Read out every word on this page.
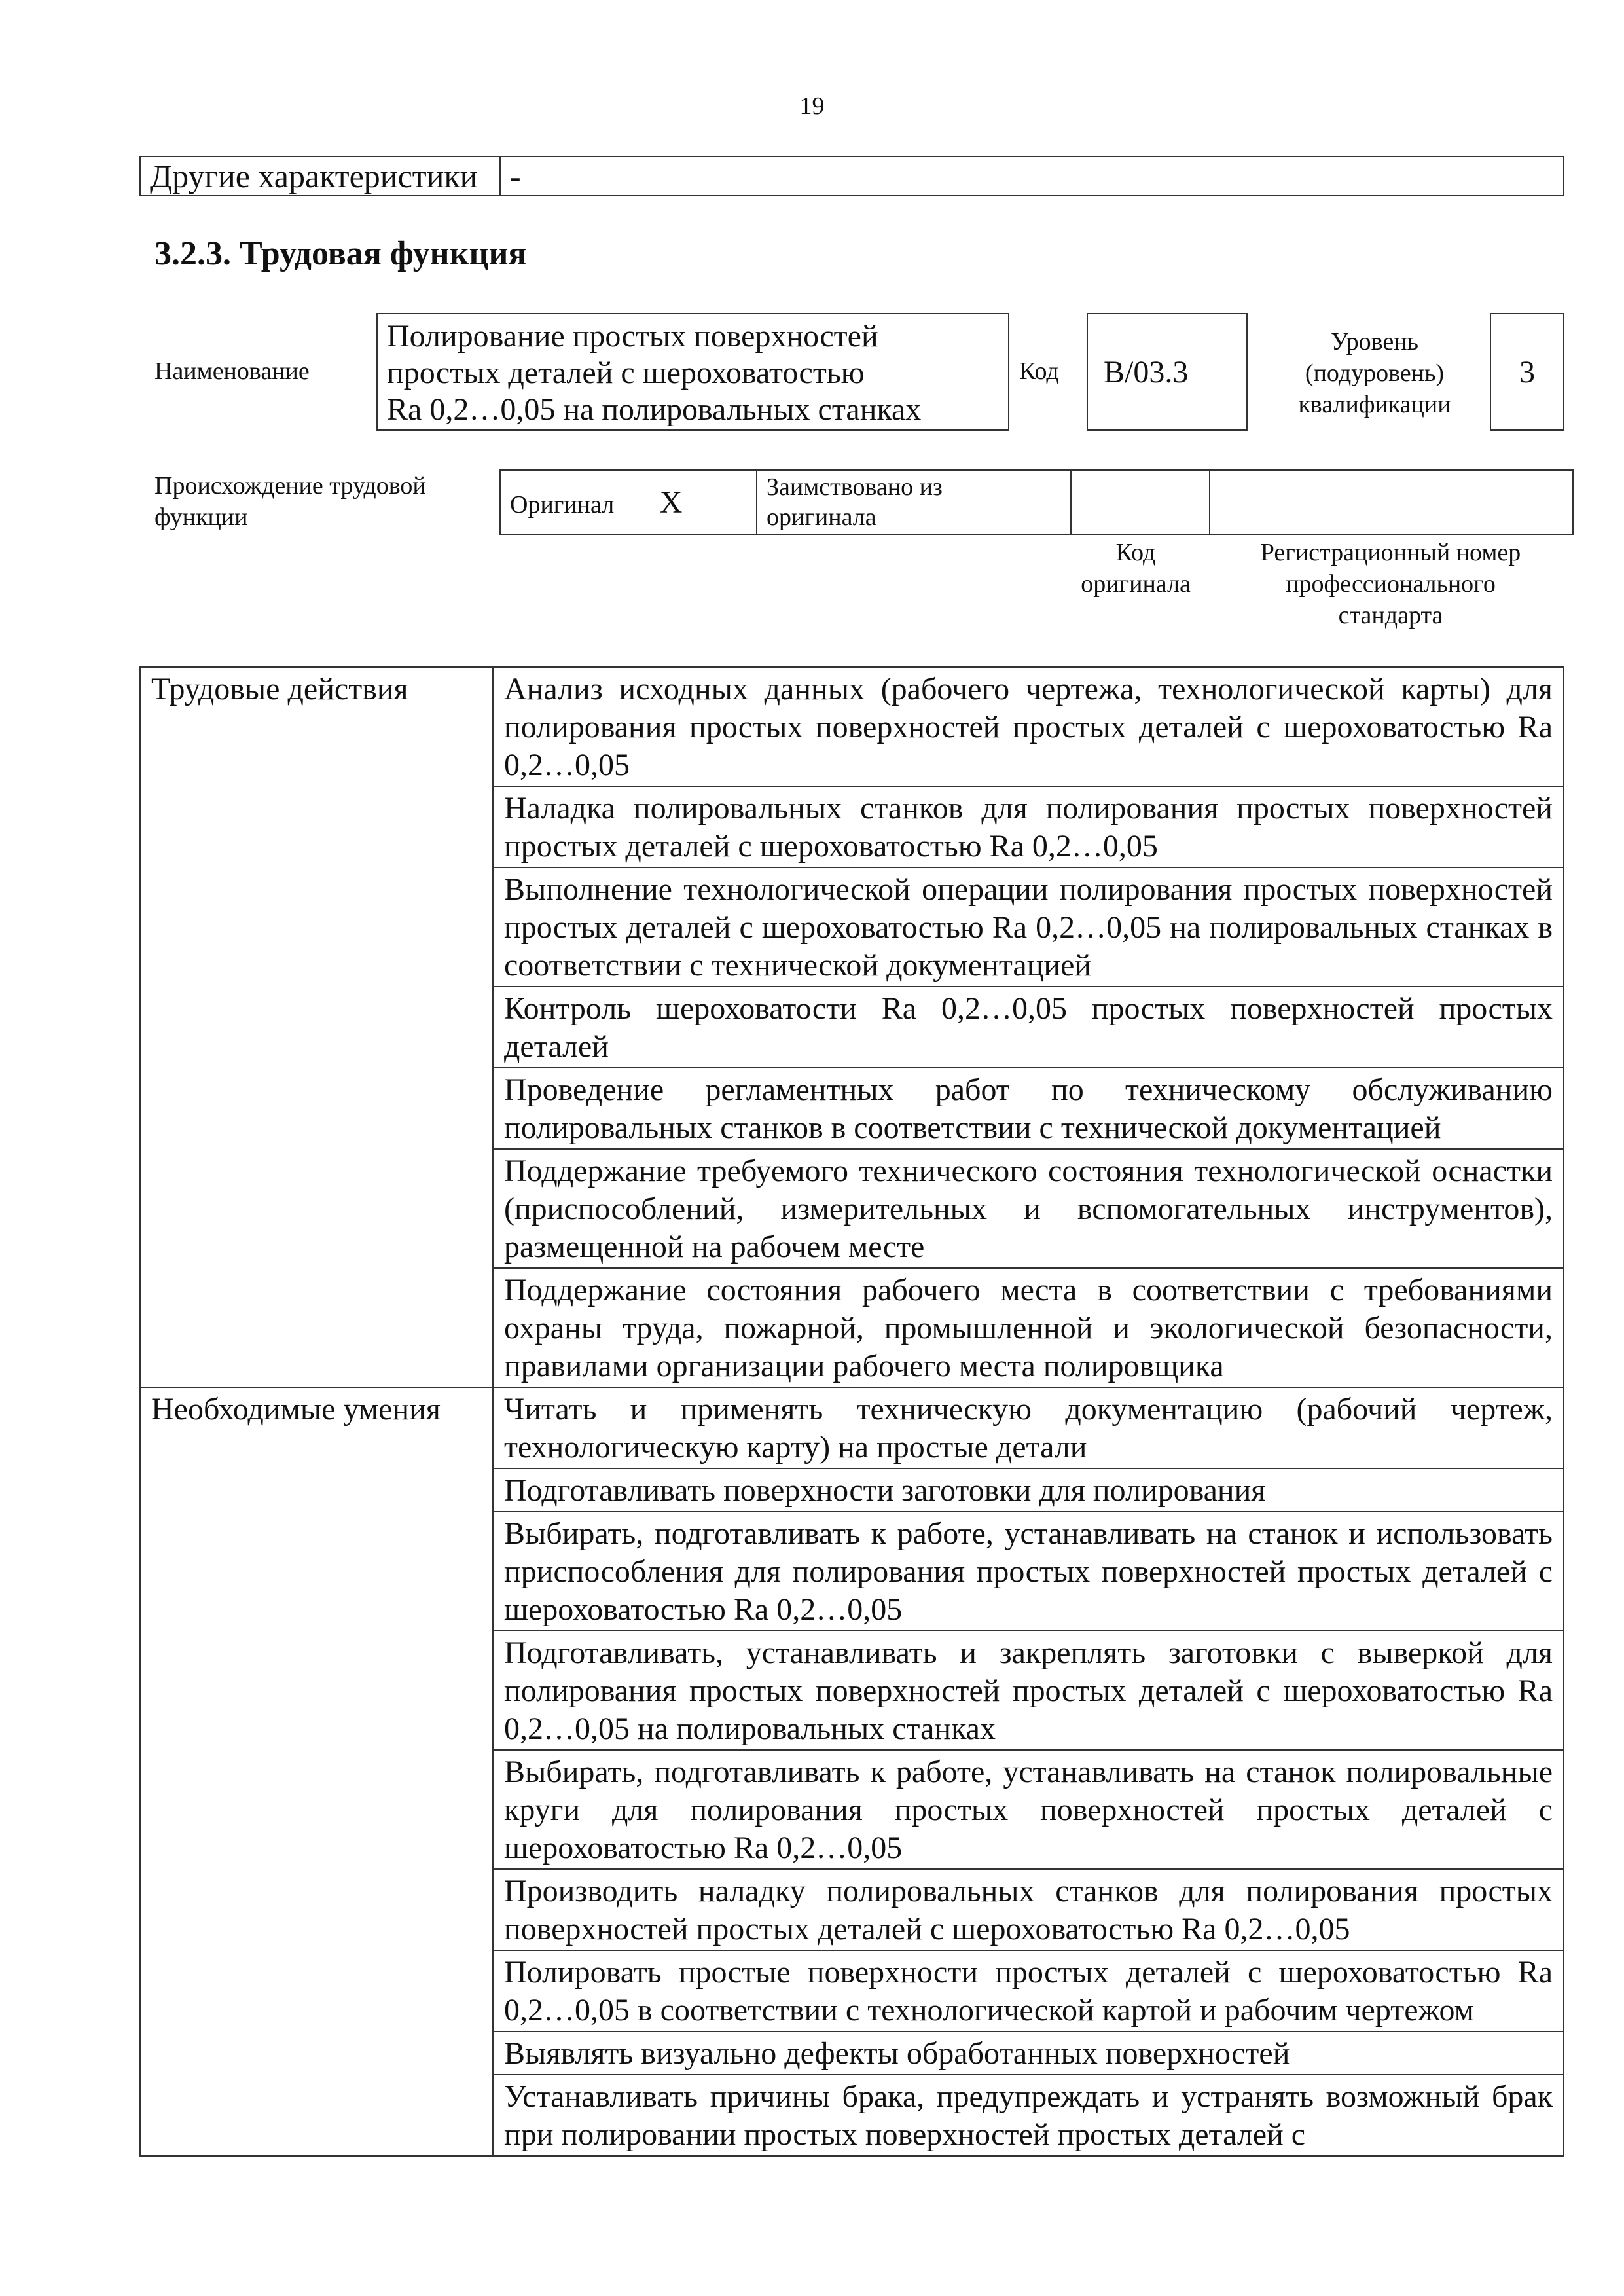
19
Другие характеристики	-
3.2.3. Трудовая функция
Наименование
Полирование простых поверхностей
простых деталей с шероховатостью
Ra 0,2…0,05 на полировальных станках
Код	B/03.3
Уровень
(подуровень)
квалификации
3
Происхождение трудовой
функции	Оригинал X	Заимствовано из
оригинала

Код
оригинала
Регистрационный номер
профессионального
стандарта
Трудовые действия	Анализ исходных данных (рабочего чертежа, технологической карты) для полирования простых поверхностей простых деталей с шероховатостью Ra 0,2…0,05
	Наладка полировальных станков для полирования простых поверхностей простых деталей с шероховатостью Ra 0,2…0,05
	Выполнение технологической операции полирования простых поверхностей простых деталей с шероховатостью Ra 0,2…0,05 на полировальных станках в соответствии с технической документацией
	Контроль шероховатости Ra 0,2…0,05 простых поверхностей простых деталей
	Проведение регламентных работ по техническому обслуживанию полировальных станков в соответствии с технической документацией
	Поддержание требуемого технического состояния технологической оснастки (приспособлений, измерительных и вспомогательных инструментов), размещенной на рабочем месте
	Поддержание состояния рабочего места в соответствии с требованиями охраны труда, пожарной, промышленной и экологической безопасности, правилами организации рабочего места полировщика
Необходимые умения	Читать и применять техническую документацию (рабочий чертеж, технологическую карту) на простые детали
	Подготавливать поверхности заготовки для полирования
	Выбирать, подготавливать к работе, устанавливать на станок и использовать приспособления для полирования простых поверхностей простых деталей с шероховатостью Ra 0,2…0,05
	Подготавливать, устанавливать и закреплять заготовки с выверкой для полирования простых поверхностей простых деталей с шероховатостью Ra 0,2…0,05 на полировальных станках
	Выбирать, подготавливать к работе, устанавливать на станок полировальные круги для полирования простых поверхностей простых деталей с шероховатостью Ra 0,2…0,05
	Производить наладку полировальных станков для полирования простых поверхностей простых деталей с шероховатостью Ra 0,2…0,05
	Полировать простые поверхности простых деталей с шероховатостью Ra 0,2…0,05 в соответствии с технологической картой и рабочим чертежом
	Выявлять визуально дефекты обработанных поверхностей
	Устанавливать причины брака, предупреждать и устранять возможный брак при полировании простых поверхностей простых деталей с
